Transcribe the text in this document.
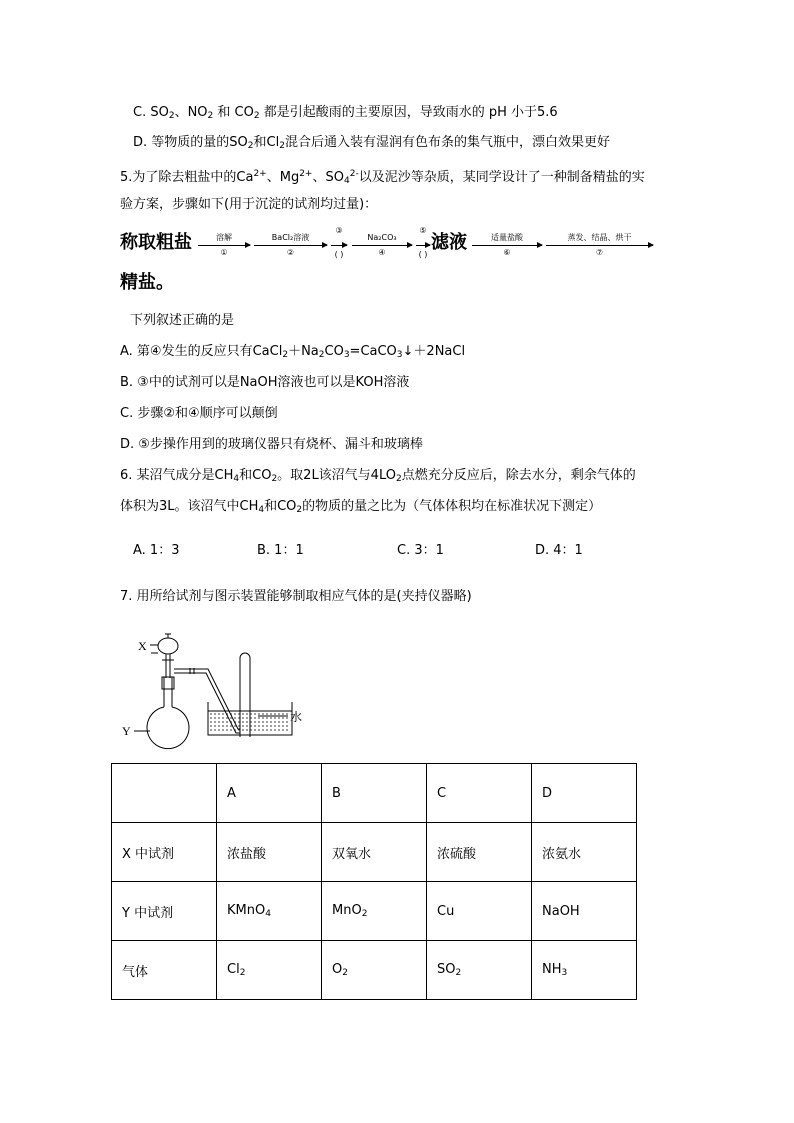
C. $SO_2$、$NO_2$ 和 $CO_2$ 都是引起酸雨的主要原因，导致雨水的 pH 小于5.6
D. 等物质的量的$SO_2$和$Cl_2$混合后通入装有湿润有色布条的集气瓶中，漂白效果更好
5.为了除去粗盐中的$Ca^{2+}$、$Mg^{2+}$、$SO_4^{2-}$以及泥沙等杂质，某同学设计了一种制备精盐的实
验方案，步骤如下(用于沉淀的试剂均过量)：
称取粗盐	溶解
①
BaCl₂溶液
②
③
( )
Na₂CO₃
④
⑤
( )
滤液	适量盐酸
⑥
蒸发、结晶、烘干
⑦
精盐。
下列叙述正确的是
A. 第④发生的反应只有$CaCl_2+Na_2CO_3=CaCO_3↓+2NaCl$
B. ③中的试剂可以是NaOH溶液也可以是KOH溶液
C. 步骤②和④顺序可以颠倒
D. ⑤步操作用到的玻璃仪器只有烧杯、漏斗和玻璃棒
6. 某沼气成分是$CH_4$和$CO_2$。取2L该沼气与$4LO_2$点燃充分反应后，除去水分，剩余气体的
体积为3L。该沼气中$CH_4$和$CO_2$的物质的量之比为（气体体积均在标准状况下测定）
A. 1：3	B. 1：1	C. 3：1	D. 4：1
7. 用所给试剂与图示装置能够制取相应气体的是(夹持仪器略)
X
Y
水
	A	B	C	D
X 中试剂	浓盐酸	双氧水	浓硫酸	浓氨水
Y 中试剂	KMnO$_4$	MnO$_2$	Cu	NaOH
气体	$Cl_2$	$O_2$	$SO_2$	$NH_3$
